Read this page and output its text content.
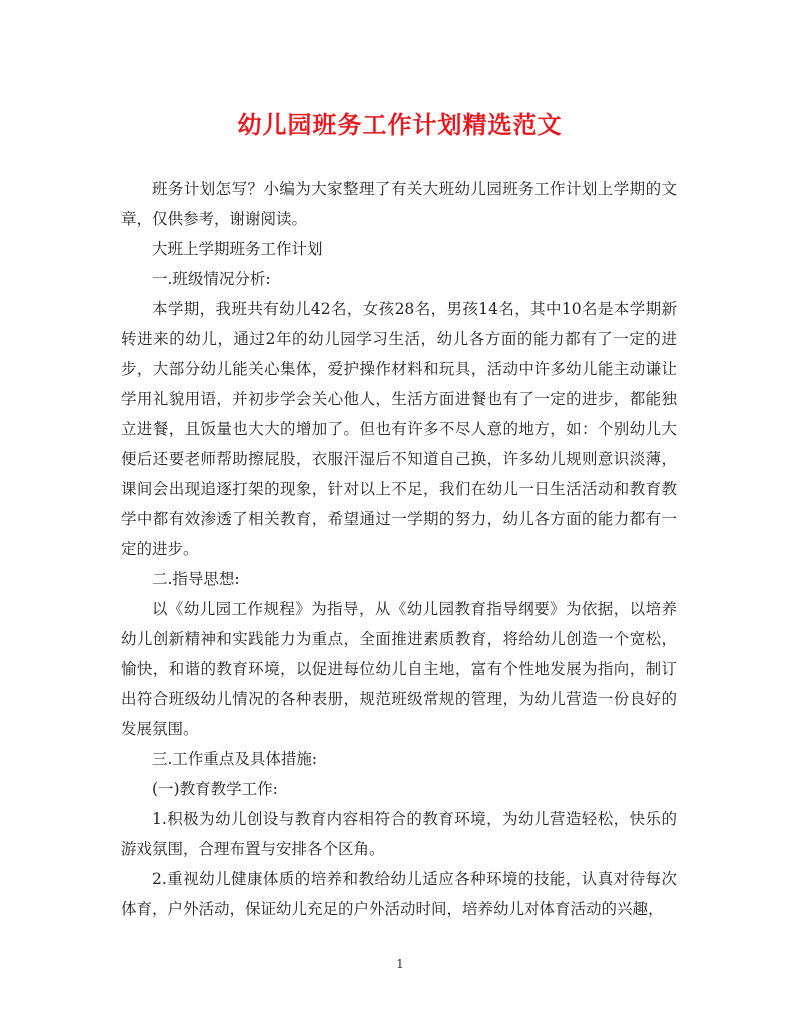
幼儿园班务工作计划精选范文

班务计划怎写？小编为大家整理了有关大班幼儿园班务工作计划上学期的文章，仅供参考，谢谢阅读。

大班上学期班务工作计划

一.班级情况分析:

本学期，我班共有幼儿42名，女孩28名，男孩14名，其中10名是本学期新转进来的幼儿，通过2年的幼儿园学习生活，幼儿各方面的能力都有了一定的进步，大部分幼儿能关心集体，爱护操作材料和玩具，活动中许多幼儿能主动谦让学用礼貌用语，并初步学会关心他人，生活方面进餐也有了一定的进步，都能独立进餐，且饭量也大大的增加了。但也有许多不尽人意的地方，如：个别幼儿大便后还要老师帮助擦屁股，衣服汗湿后不知道自己换，许多幼儿规则意识淡薄，课间会出现追逐打架的现象，针对以上不足，我们在幼儿一日生活活动和教育教学中都有效渗透了相关教育，希望通过一学期的努力，幼儿各方面的能力都有一定的进步。

二.指导思想:

以《幼儿园工作规程》为指导，从《幼儿园教育指导纲要》为依据，以培养幼儿创新精神和实践能力为重点，全面推进素质教育，将给幼儿创造一个宽松，愉快，和谐的教育环境，以促进每位幼儿自主地，富有个性地发展为指向，制订出符合班级幼儿情况的各种表册，规范班级常规的管理，为幼儿营造一份良好的发展氛围。

三.工作重点及具体措施:

(一)教育教学工作:

1.积极为幼儿创设与教育内容相符合的教育环境，为幼儿营造轻松，快乐的游戏氛围，合理布置与安排各个区角。

2.重视幼儿健康体质的培养和教给幼儿适应各种环境的技能，认真对待每次体育，户外活动，保证幼儿充足的户外活动时间，培养幼儿对体育活动的兴趣，

1
